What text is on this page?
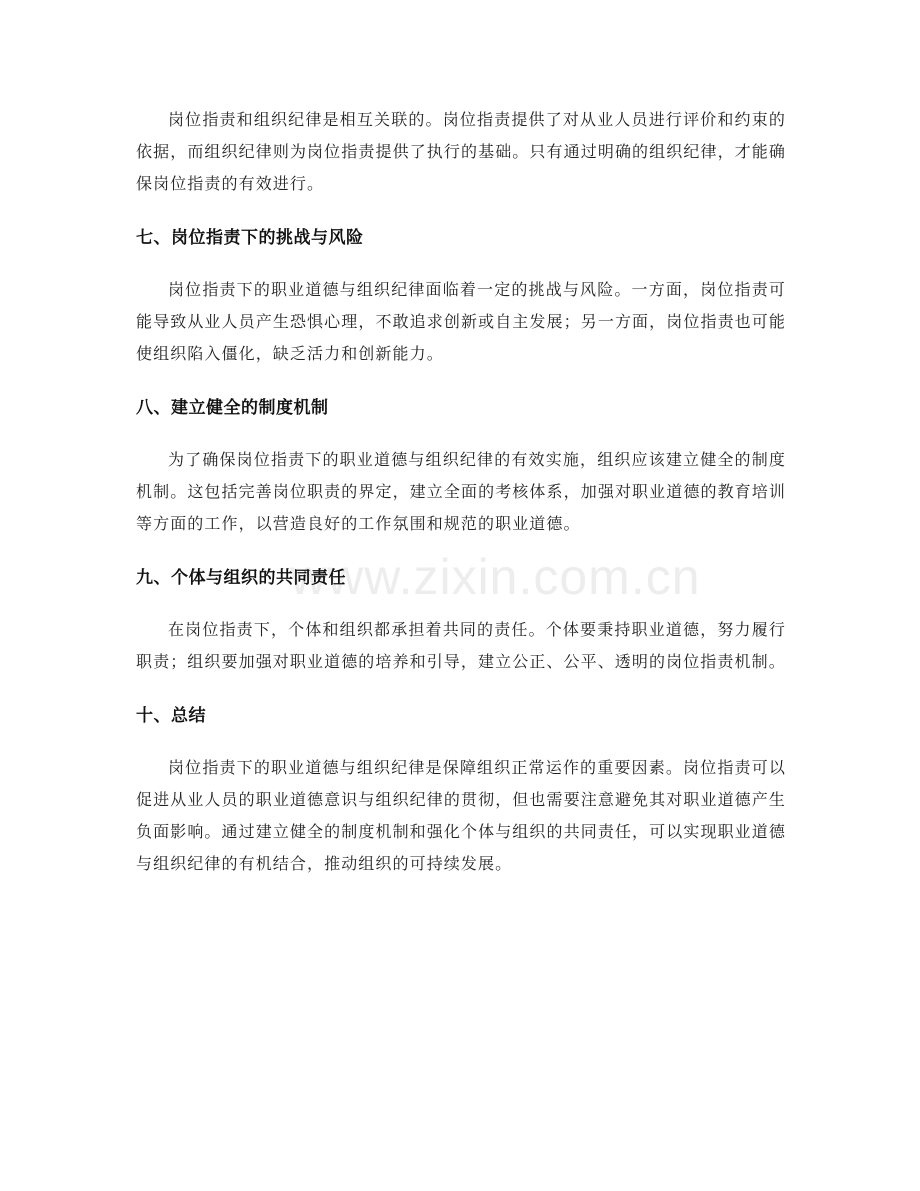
www.zixin.com.cn

岗位指责和组织纪律是相互关联的。岗位指责提供了对从业人员进行评价和约束的依据，而组织纪律则为岗位指责提供了执行的基础。只有通过明确的组织纪律，才能确保岗位指责的有效进行。

七、岗位指责下的挑战与风险

岗位指责下的职业道德与组织纪律面临着一定的挑战与风险。一方面，岗位指责可能导致从业人员产生恐惧心理，不敢追求创新或自主发展；另一方面，岗位指责也可能使组织陷入僵化，缺乏活力和创新能力。

八、建立健全的制度机制

为了确保岗位指责下的职业道德与组织纪律的有效实施，组织应该建立健全的制度机制。这包括完善岗位职责的界定，建立全面的考核体系，加强对职业道德的教育培训等方面的工作，以营造良好的工作氛围和规范的职业道德。

九、个体与组织的共同责任

在岗位指责下，个体和组织都承担着共同的责任。个体要秉持职业道德，努力履行职责；组织要加强对职业道德的培养和引导，建立公正、公平、透明的岗位指责机制。

十、总结

岗位指责下的职业道德与组织纪律是保障组织正常运作的重要因素。岗位指责可以促进从业人员的职业道德意识与组织纪律的贯彻，但也需要注意避免其对职业道德产生负面影响。通过建立健全的制度机制和强化个体与组织的共同责任，可以实现职业道德与组织纪律的有机结合，推动组织的可持续发展。
